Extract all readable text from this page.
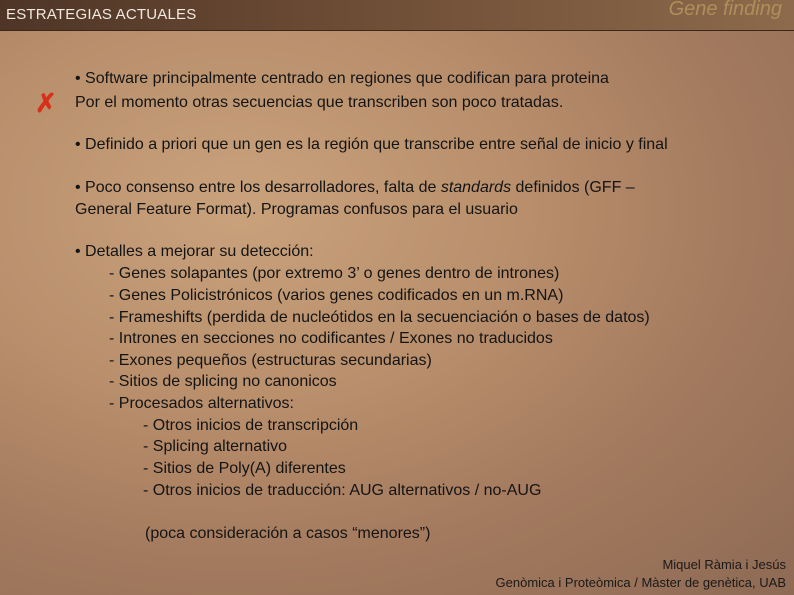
ESTRATEGIAS ACTUALES	Gene finding
✗
• Software principalmente centrado en regiones que codifican para proteina
Por el momento otras secuencias que transcriben son poco tratadas.
• Definido a priori que un gen es la región que transcribe entre señal de inicio y final
• Poco consenso entre los desarrolladores, falta de standards definidos (GFF –
General Feature Format). Programas confusos para el usuario
• Detalles a mejorar su detección:
- Genes solapantes (por extremo 3’ o genes dentro de intrones)
- Genes Policistrónicos (varios genes codificados en un m.RNA)
- Frameshifts (perdida de nucleótidos en la secuenciación o bases de datos)
- Intrones en secciones no codificantes / Exones no traducidos
- Exones pequeños (estructuras secundarias)
- Sitios de splicing no canonicos
- Procesados alternativos:
- Otros inicios de transcripción
- Splicing alternativo
- Sitios de Poly(A) diferentes
- Otros inicios de traducción: AUG alternativos / no-AUG
(poca consideración a casos “menores”)
Miquel Ràmia i Jesús
Genòmica i Proteòmica / Màster de genètica, UAB
